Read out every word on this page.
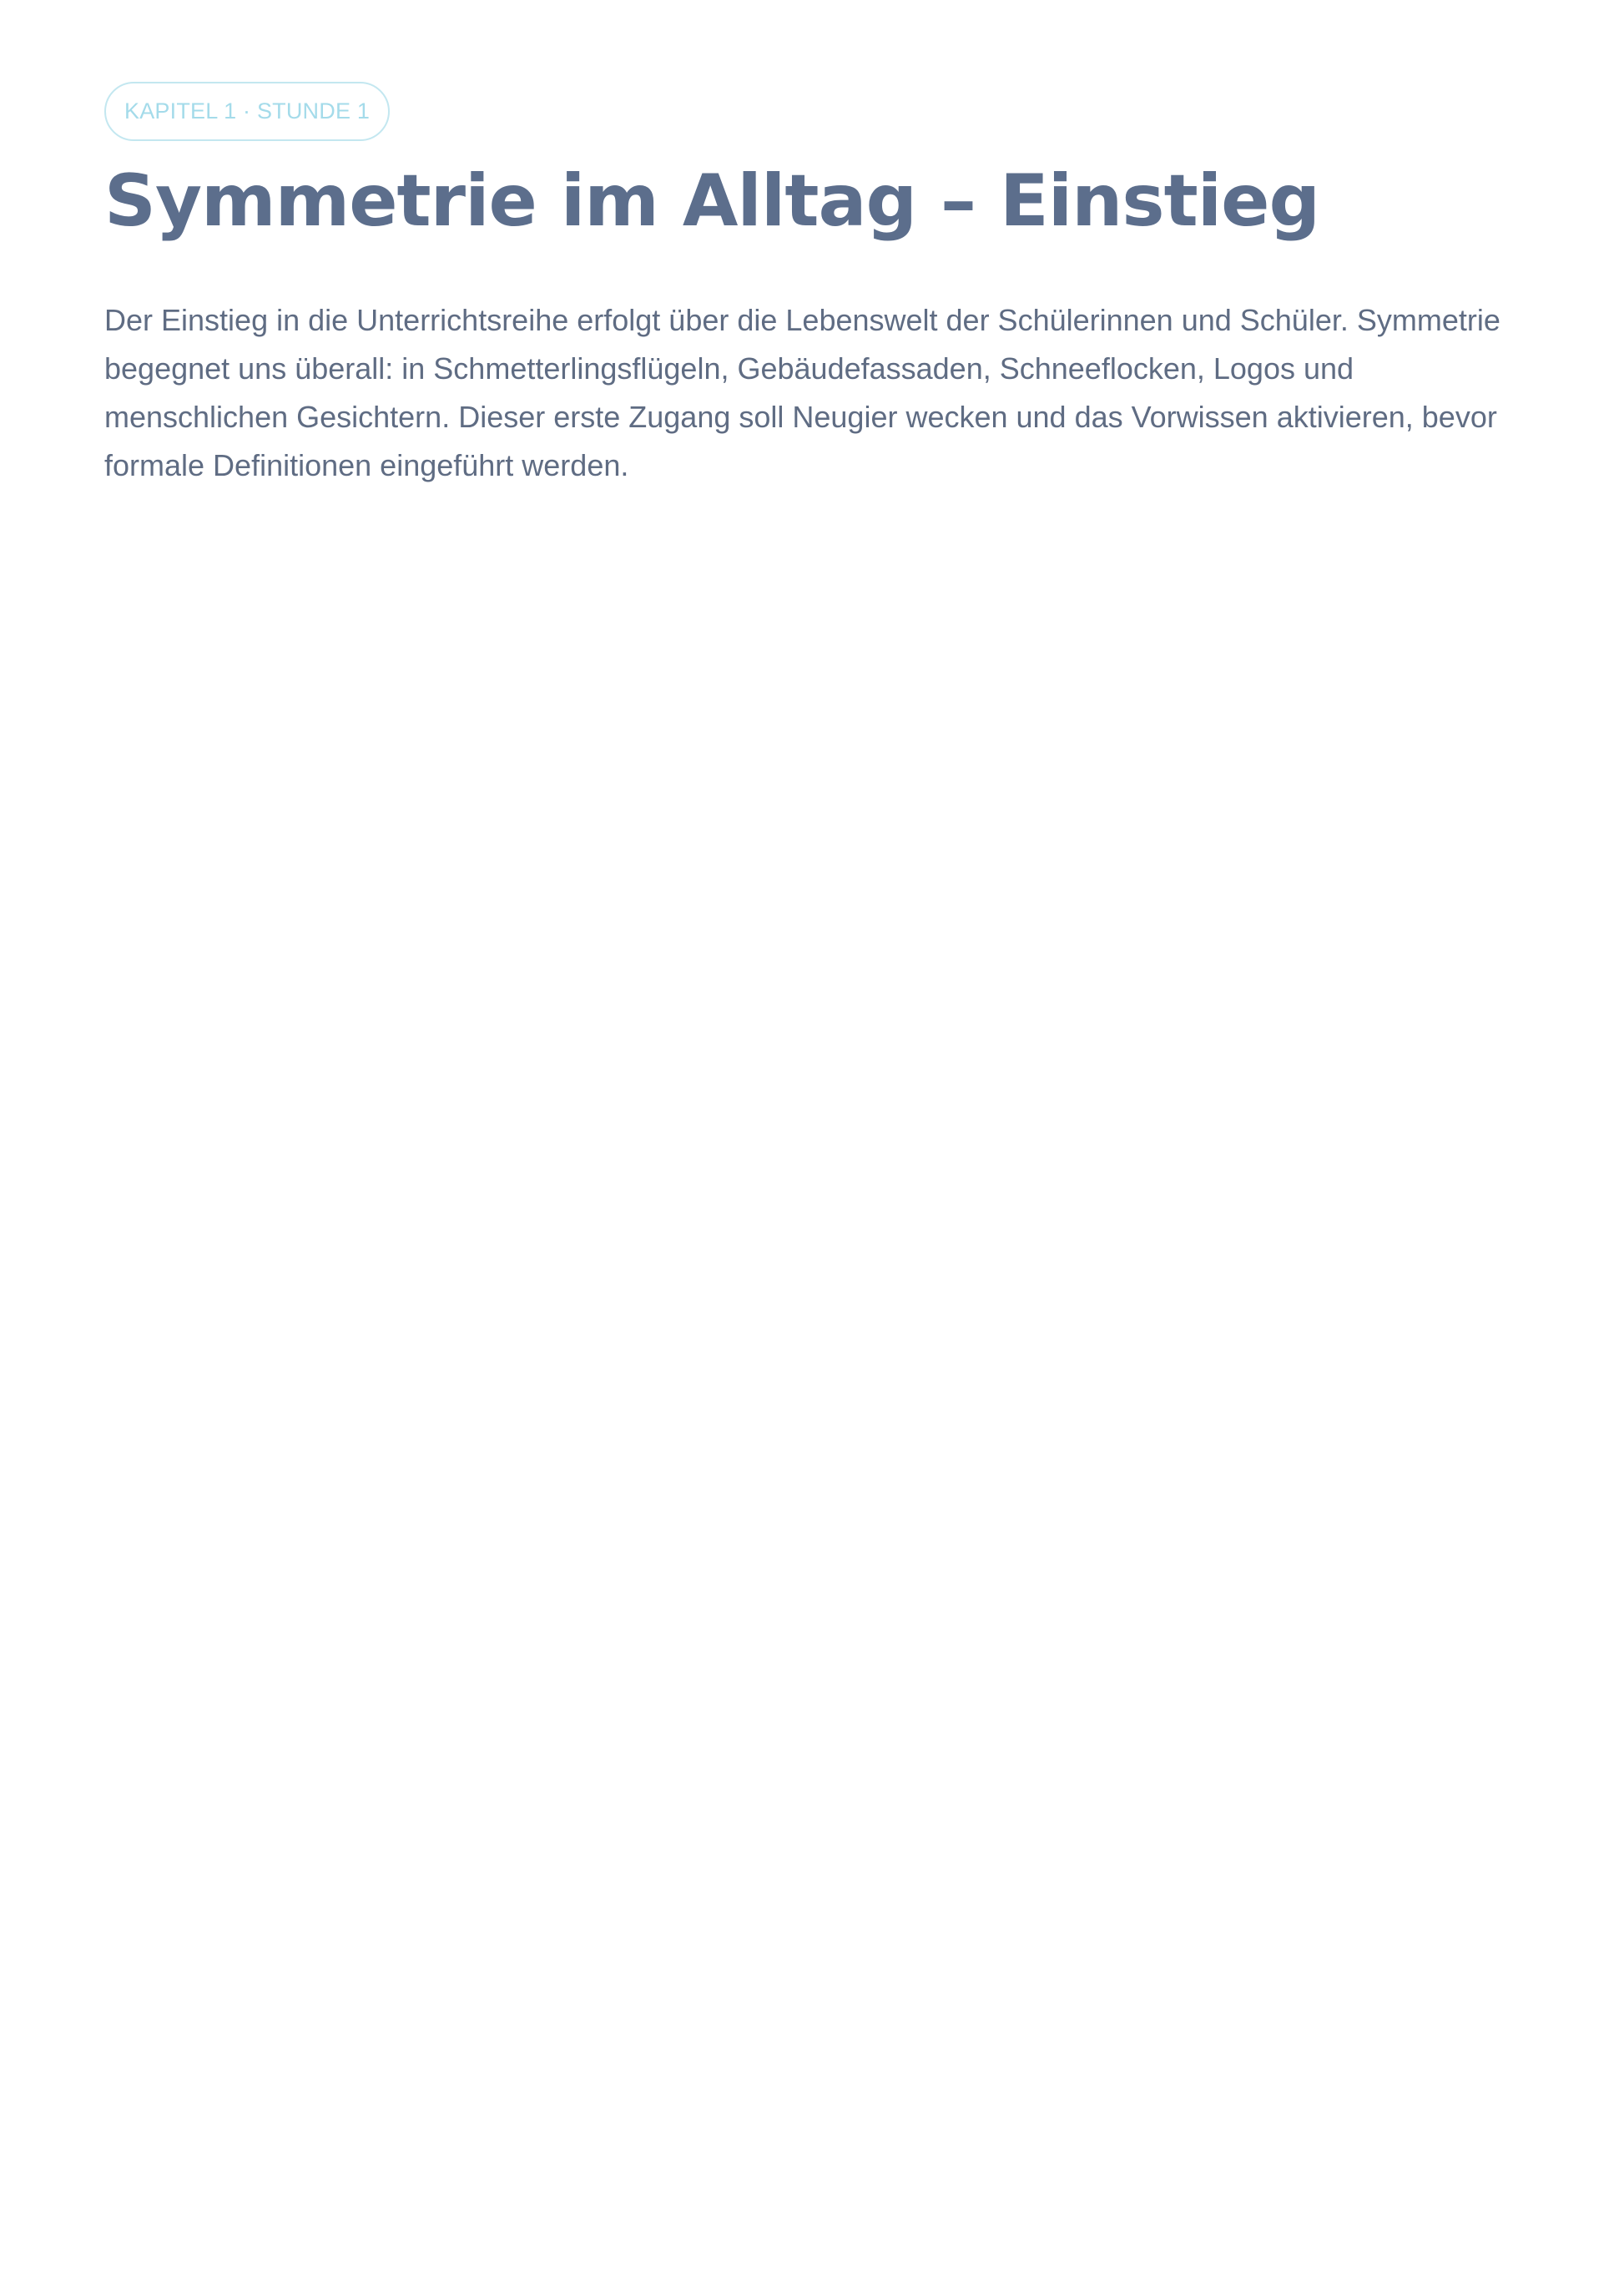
KAPITEL 1 · STUNDE 1
Symmetrie im Alltag – Einstieg

Der Einstieg in die Unterrichtsreihe erfolgt über die Lebenswelt der Schülerinnen und Schüler. Symmetrie begegnet uns überall: in Schmetterlingsflügeln, Gebäudefassaden, Schneeflocken, Logos und menschlichen Gesichtern. Dieser erste Zugang soll Neugier wecken und das Vorwissen aktivieren, bevor formale Definitionen eingeführt werden.
